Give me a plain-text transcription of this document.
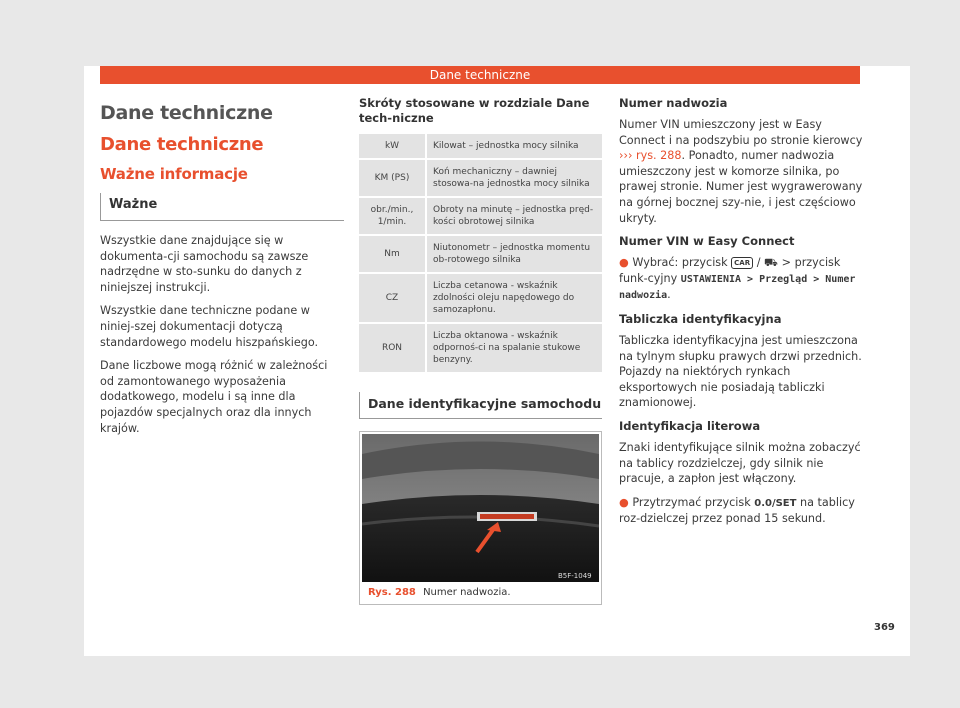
Dane techniczne
Dane techniczne
Dane techniczne
Ważne informacje
Ważne

Wszystkie dane znajdujące się w dokumenta-cji samochodu są zawsze nadrzędne w sto-sunku do danych z niniejszej instrukcji.

Wszystkie dane techniczne podane w niniej-szej dokumentacji dotyczą standardowego modelu hiszpańskiego.

Dane liczbowe mogą różnić w zależności od zamontowanego wyposażenia dodatkowego, modelu i są inne dla pojazdów specjalnych oraz dla innych krajów.

Skróty stosowane w rozdziale Dane tech-niczne
kW	Kilowat – jednostka mocy silnika
KM (PS)	Koń mechaniczny – dawniej stosowa-na jednostka mocy silnika
obr./min., 1/min.	Obroty na minutę – jednostka pręd-kości obrotowej silnika
Nm	Niutonometr – jednostka momentu ob-rotowego silnika
CZ	Liczba cetanowa - wskaźnik zdolności oleju napędowego do samozapłonu.
RON	Liczba oktanowa - wskaźnik odpornoś-ci na spalanie stukowe benzyny.
Dane identyfikacyjne samochodu
B5F-1049
Rys. 288 Numer nadwozia.
Numer nadwozia

Numer VIN umieszczony jest w Easy Connect i na podszybiu po stronie kierowcy ››› rys. 288. Ponadto, numer nadwozia umieszczony jest w komorze silnika, po prawej stronie. Numer jest wygrawerowany na górnej bocznej szy-nie, i jest częściowo ukryty.

Numer VIN w Easy Connect

● Wybrać: przycisk CAR / ⛟ > przycisk funk-cyjny USTAWIENIA > Przegląd > Numer nadwozia.

Tabliczka identyfikacyjna

Tabliczka identyfikacyjna jest umieszczona na tylnym słupku prawych drzwi przednich. Pojazdy na niektórych rynkach eksportowych nie posiadają tabliczki znamionowej.

Identyfikacja literowa

Znaki identyfikujące silnik można zobaczyć na tablicy rozdzielczej, gdy silnik nie pracuje, a zapłon jest włączony.

● Przytrzymać przycisk 0.0/SET na tablicy roz-dzielczej przez ponad 15 sekund.

369
